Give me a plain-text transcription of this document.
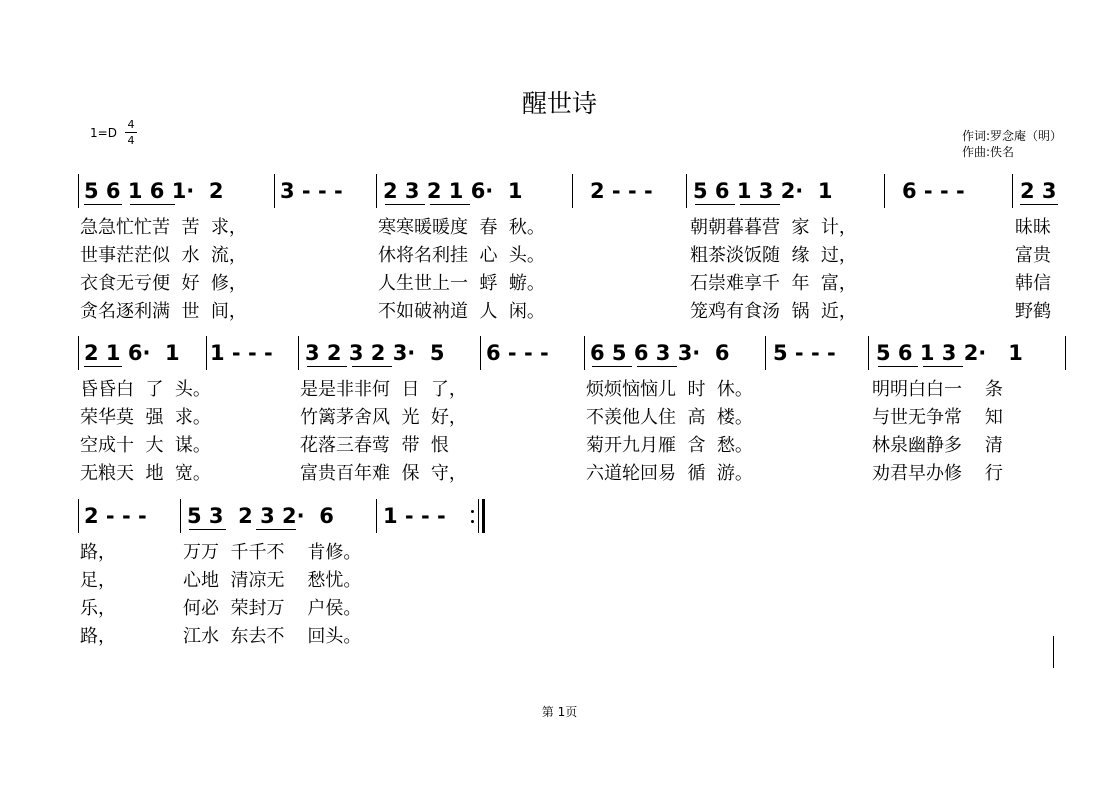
醒世诗
1=D
4
4	作词:罗念庵（明）
作曲:佚名
5 6 1 6 1·  2	3 - - - 2 3 2 1 6·  1	2 - - - 5 6 1 3 2·  1	6 - - -	2 3
急急忙忙苦  苦  求，	寒寒暖暖度  春  秋。	朝朝暮暮营  家  计，	昧昧
世事茫茫似  水  流，	休将名利挂  心  头。	粗茶淡饭随  缘  过，	富贵
衣食无亏便  好  修，	人生世上一  蜉  蝣。	石崇难享千  年  富，	韩信
贪名逐利满  世  间，	不如破衲道  人  闲。	笼鸡有食汤  锅  近，	野鹤
2 1 6·  1 1 - - - 3 2 3 2 3·  5 6 - - - 6 5 6 3 3·  6 5 - - - 5 6 1 3 2·   1
昏昏白  了  头。	是是非非何  日  了，	烦烦恼恼儿  时  休。	明明白白一    条
荣华莫  强  求。	竹篱茅舍风  光  好，	不羡他人住  高  楼。	与世无争常    知
空成十  大  谋。	花落三春莺  带  恨	菊开九月雁  含  愁。	林泉幽静多    清
无粮天  地  宽。	富贵百年难  保  守，	六道轮回易  循  游。	劝君早办修    行
2 - - - 5 3  2 3 2·  6 1 - - -
路，	万万  千千不    肯修。
足，	心地  清凉无    愁忧。
乐，	何必  荣封万    户侯。
路，	江水  东去不    回头。
第 1页
